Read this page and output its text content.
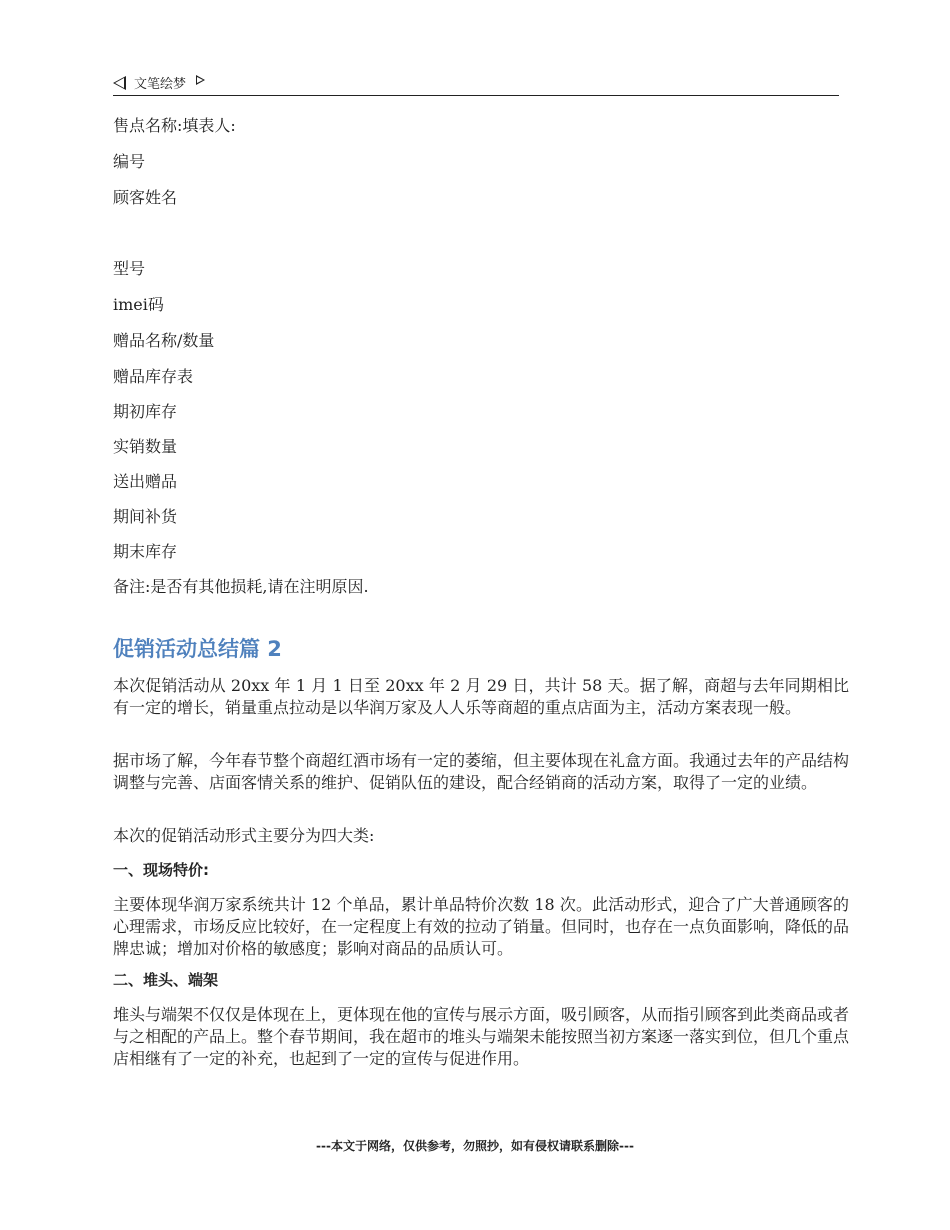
文笔绘梦

售点名称:填表人:

编号

顾客姓名

型号

imei码

赠品名称/数量

赠品库存表

期初库存

实销数量

送出赠品

期间补货

期末库存

备注:是否有其他损耗,请在注明原因.

促销活动总结篇 2

本次促销活动从 20xx 年 1 月 1 日至 20xx 年 2 月 29 日，共计 58 天。据了解，商超与去年同期相比有一定的增长，销量重点拉动是以华润万家及人人乐等商超的重点店面为主，活动方案表现一般。

据市场了解，今年春节整个商超红酒市场有一定的萎缩，但主要体现在礼盒方面。我通过去年的产品结构调整与完善、店面客情关系的维护、促销队伍的建设，配合经销商的活动方案，取得了一定的业绩。

本次的促销活动形式主要分为四大类:

一、现场特价:

主要体现华润万家系统共计 12 个单品，累计单品特价次数 18 次。此活动形式，迎合了广大普通顾客的心理需求，市场反应比较好，在一定程度上有效的拉动了销量。但同时，也存在一点负面影响，降低的品牌忠诚；增加对价格的敏感度；影响对商品的品质认可。

二、堆头、端架

堆头与端架不仅仅是体现在上，更体现在他的宣传与展示方面，吸引顾客，从而指引顾客到此类商品或者与之相配的产品上。整个春节期间，我在超市的堆头与端架未能按照当初方案逐一落实到位，但几个重点店相继有了一定的补充，也起到了一定的宣传与促进作用。

---本文于网络，仅供参考，勿照抄，如有侵权请联系删除---
